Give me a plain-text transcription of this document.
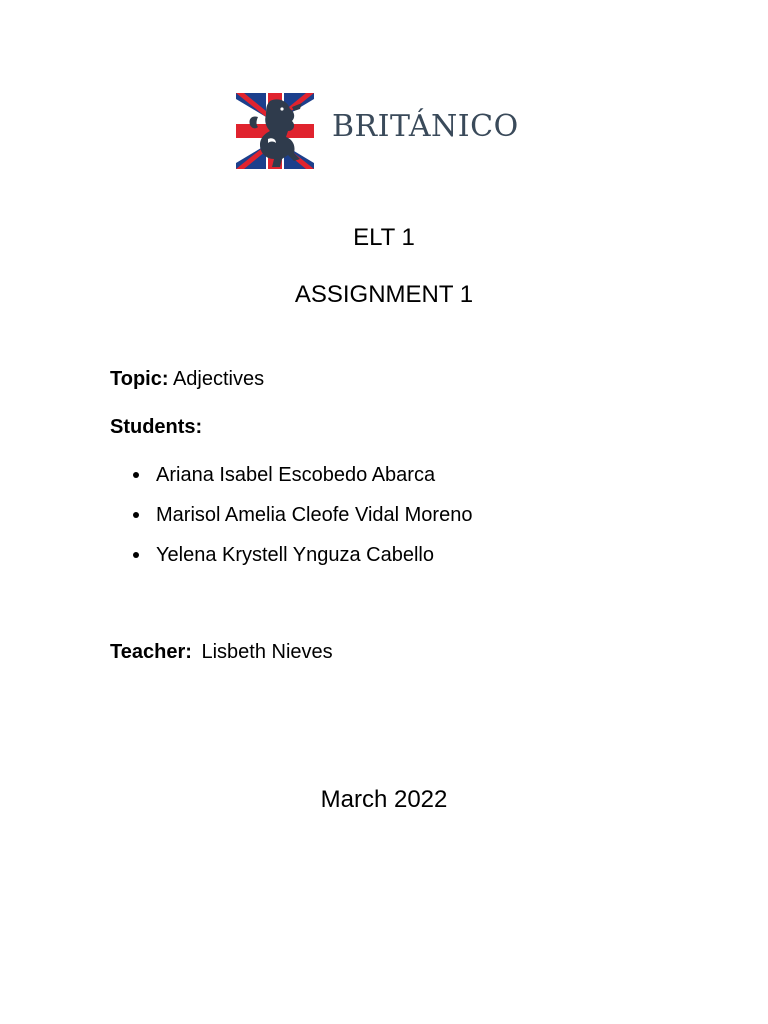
BRITÁNICO
ELT 1
ASSIGNMENT 1
Topic: Adjectives
Students:
Ariana Isabel Escobedo Abarca
Marisol Amelia Cleofe Vidal Moreno
Yelena Krystell Ynguza Cabello
Teacher: Lisbeth Nieves
March 2022
